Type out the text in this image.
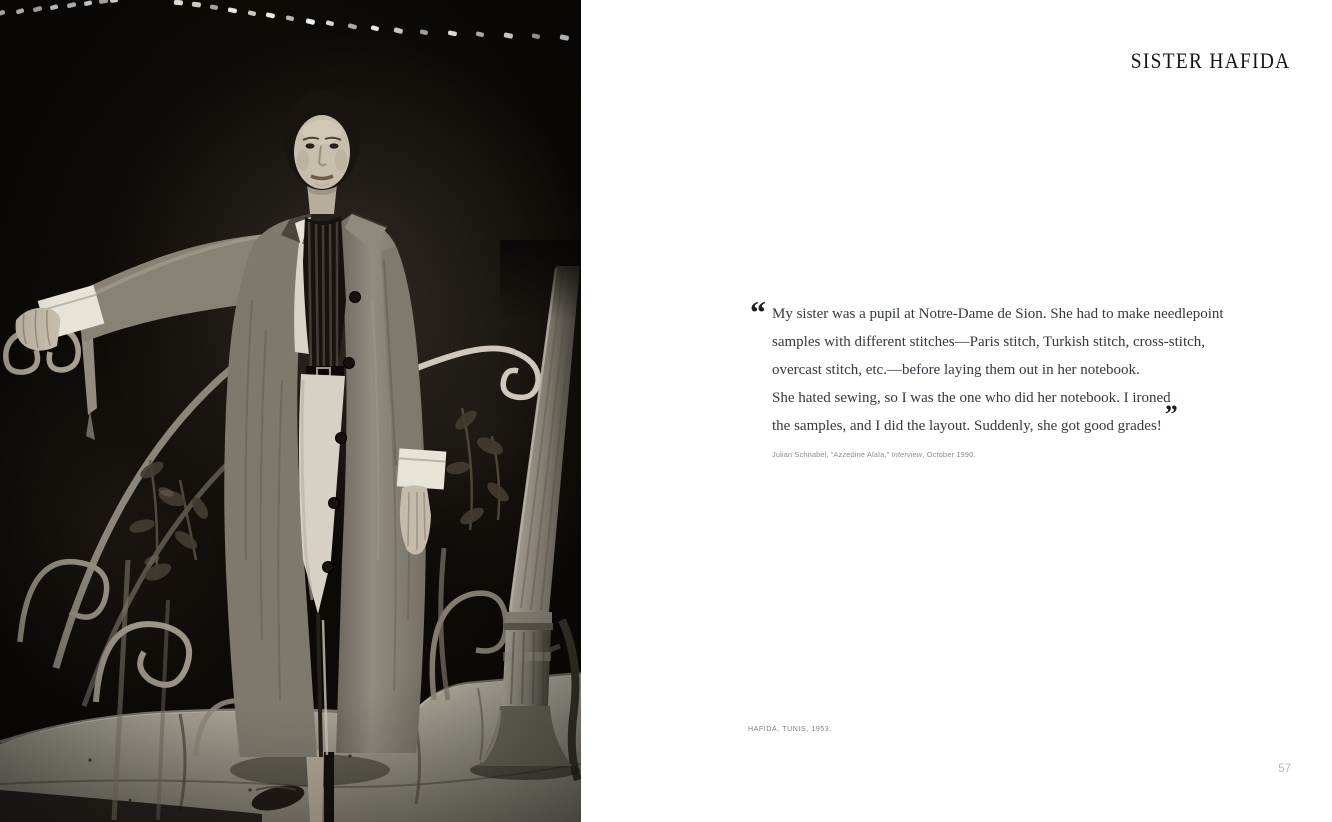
SISTER HAFIDA
“ My sister was a pupil at Notre-Dame de Sion. She had to make needlepoint
samples with different stitches—Paris stitch, Turkish stitch, cross-stitch,
overcast stitch, etc.—before laying them out in her notebook.
She hated sewing, so I was the one who did her notebook. I ironed
the samples, and I did the layout. Suddenly, she got good grades! ”

Julian Schnabel, “Azzedine Alaïa,” Interview, October 1990.

HAFIDA, TUNIS, 1953.

57
